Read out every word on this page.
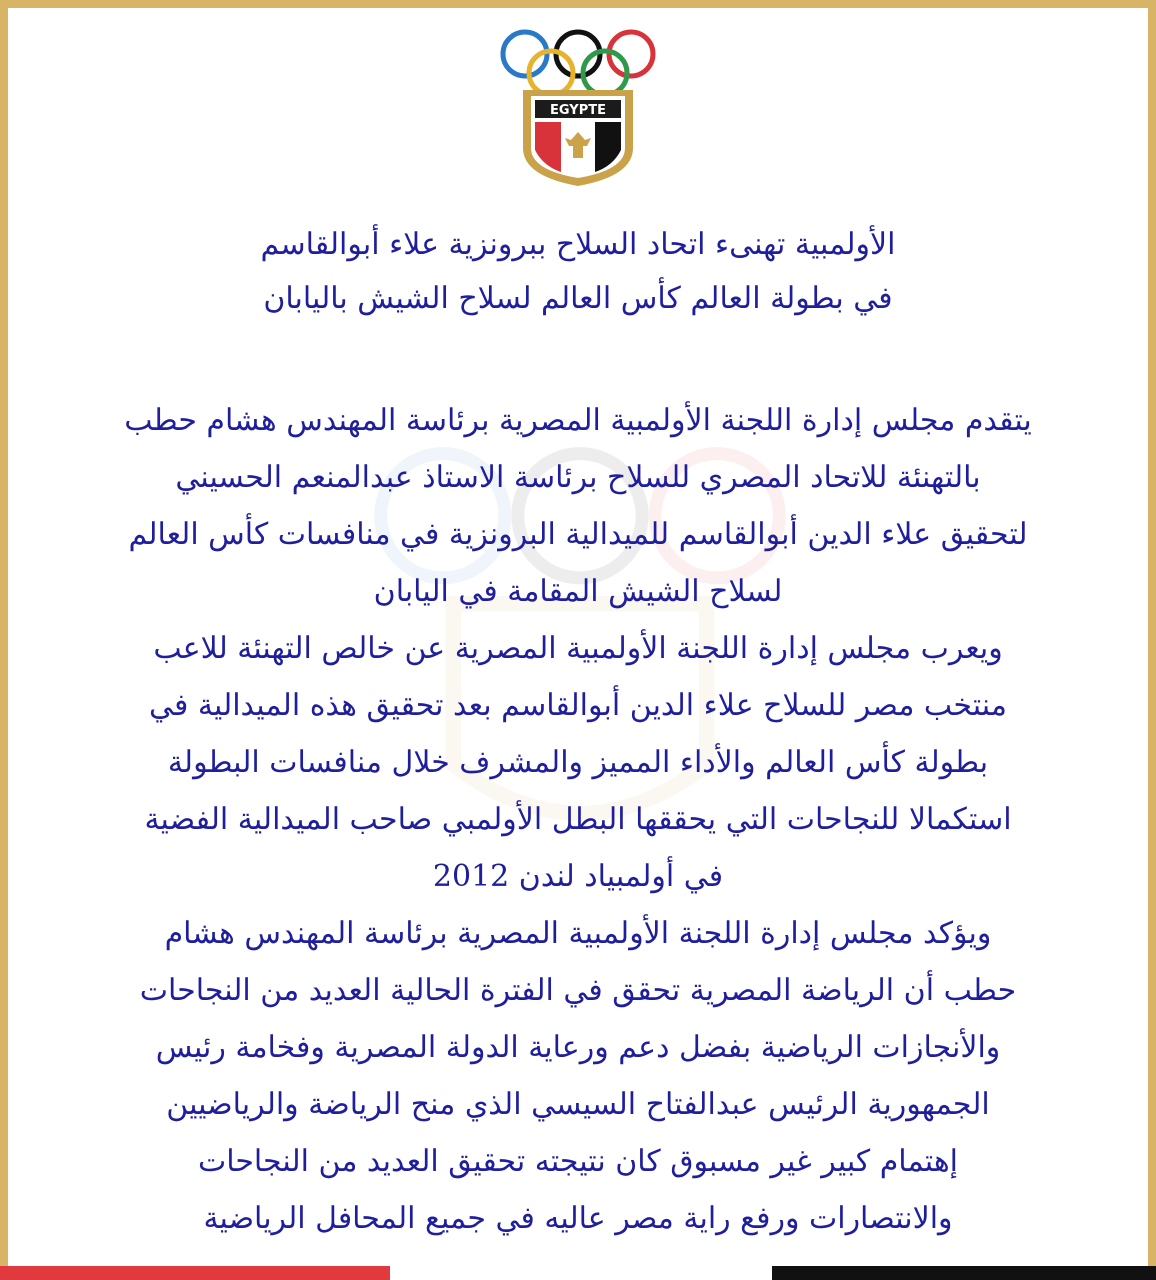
EGYPTE
الأولمبية تهنىء اتحاد السلاح ببرونزية علاء أبوالقاسم
في بطولة العالم كأس العالم لسلاح الشيش باليابان
يتقدم مجلس إدارة اللجنة الأولمبية المصرية برئاسة المهندس هشام حطب
بالتهنئة للاتحاد المصري للسلاح برئاسة الاستاذ عبدالمنعم الحسيني
لتحقيق علاء الدين أبوالقاسم للميدالية البرونزية في منافسات كأس العالم
لسلاح الشيش المقامة في اليابان
ويعرب مجلس إدارة اللجنة الأولمبية المصرية عن خالص التهنئة للاعب
منتخب مصر للسلاح علاء الدين أبوالقاسم بعد تحقيق هذه الميدالية في
بطولة كأس العالم والأداء المميز والمشرف خلال منافسات البطولة
استكمالا للنجاحات التي يحققها البطل الأولمبي صاحب الميدالية الفضية
في أولمبياد لندن 2012
ويؤكد مجلس إدارة اللجنة الأولمبية المصرية برئاسة المهندس هشام
حطب أن الرياضة المصرية تحقق في الفترة الحالية العديد من النجاحات
والأنجازات الرياضية بفضل دعم ورعاية الدولة المصرية وفخامة رئيس
الجمهورية الرئيس عبدالفتاح السيسي الذي منح الرياضة والرياضيين
إهتمام كبير غير مسبوق كان نتيجته تحقيق العديد من النجاحات
والانتصارات ورفع راية مصر عاليه في جميع المحافل الرياضية
